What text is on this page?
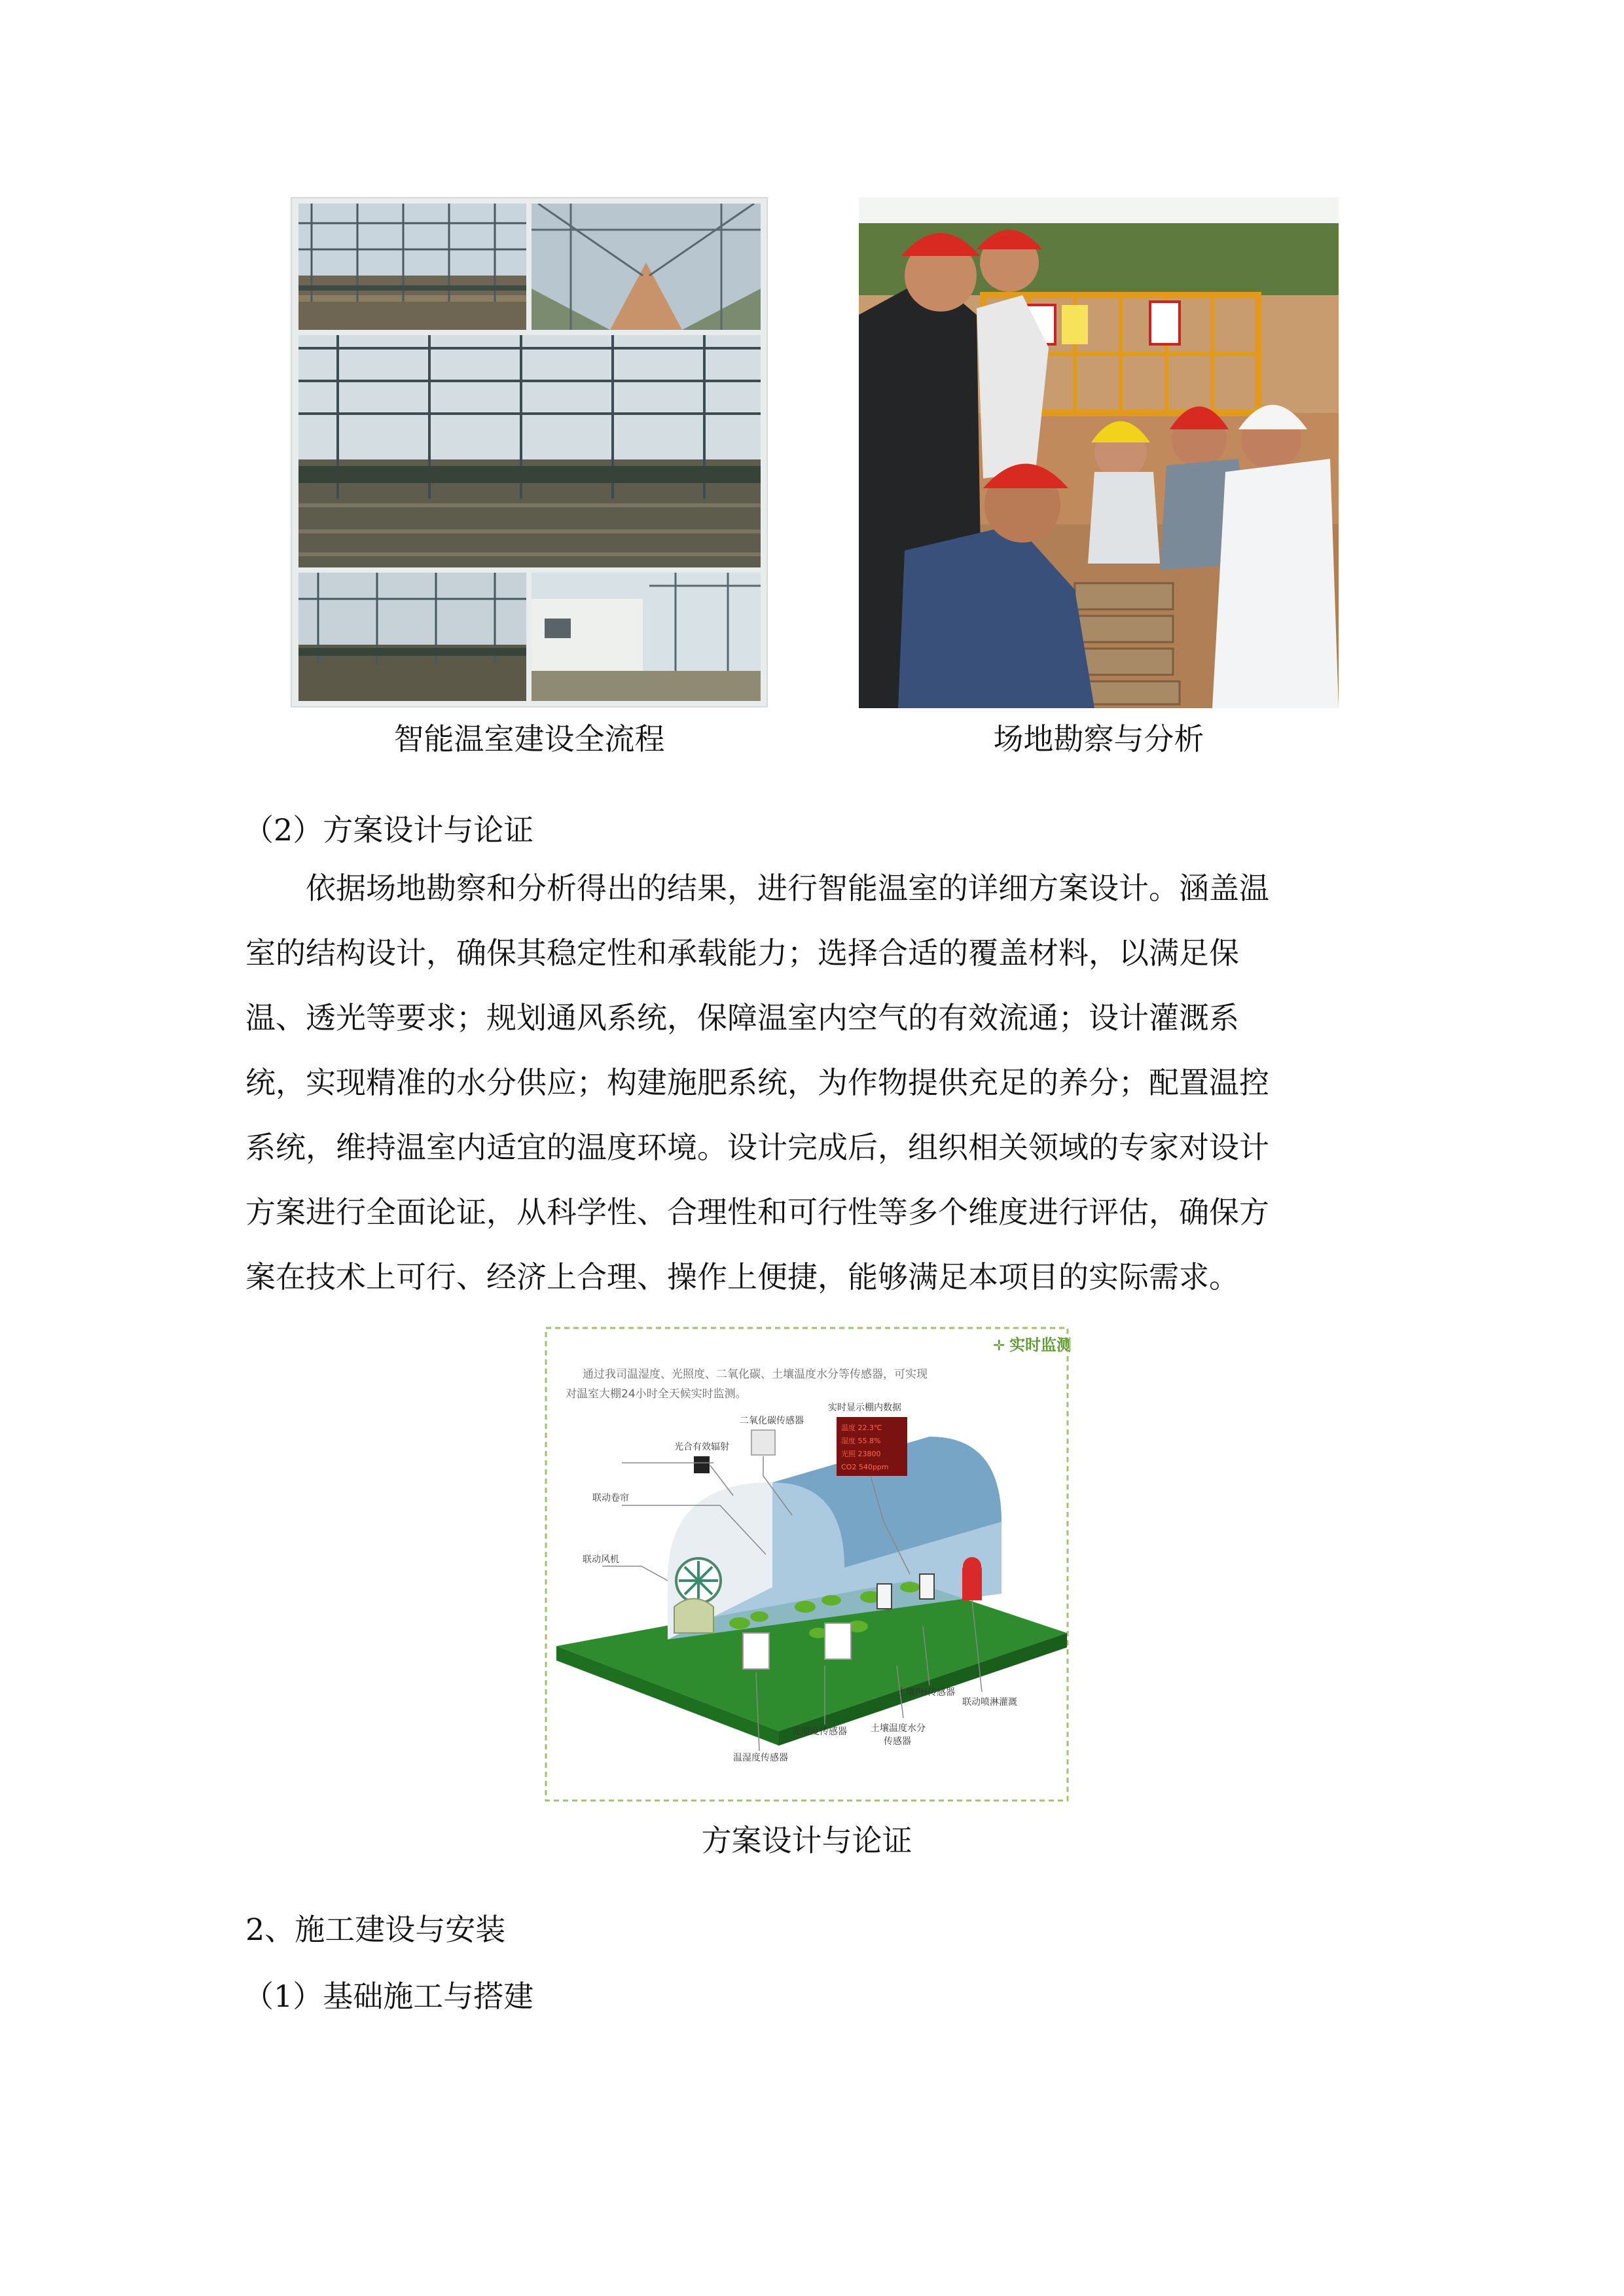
智能温室建设全流程	场地勘察与分析
（2）方案设计与论证

依据场地勘察和分析得出的结果，进行智能温室的详细方案设计。涵盖温

室的结构设计，确保其稳定性和承载能力；选择合适的覆盖材料，以满足保

温、透光等要求；规划通风系统，保障温室内空气的有效流通；设计灌溉系

统，实现精准的水分供应；构建施肥系统，为作物提供充足的养分；配置温控

系统，维持温室内适宜的温度环境。设计完成后，组织相关领域的专家对设计

方案进行全面论证，从科学性、合理性和可行性等多个维度进行评估，确保方

案在技术上可行、经济上合理、操作上便捷，能够满足本项目的实际需求。

✛ 实时监测
通过我司温湿度、光照度、二氧化碳、土壤温度水分等传感器，可实现
对温室大棚24小时全天候实时监测。
温度 22.3℃
湿度 55.8%
光照 23800
CO2 540ppm
二氧化碳传感器
实时显示棚内数据
光合有效辐射
联动卷帘
联动风机
土壤PH传感器
联动喷淋灌溉
光照度传感器	土壤温度水分
传感器
温湿度传感器
方案设计与论证
2、施工建设与安装
（1）基础施工与搭建
